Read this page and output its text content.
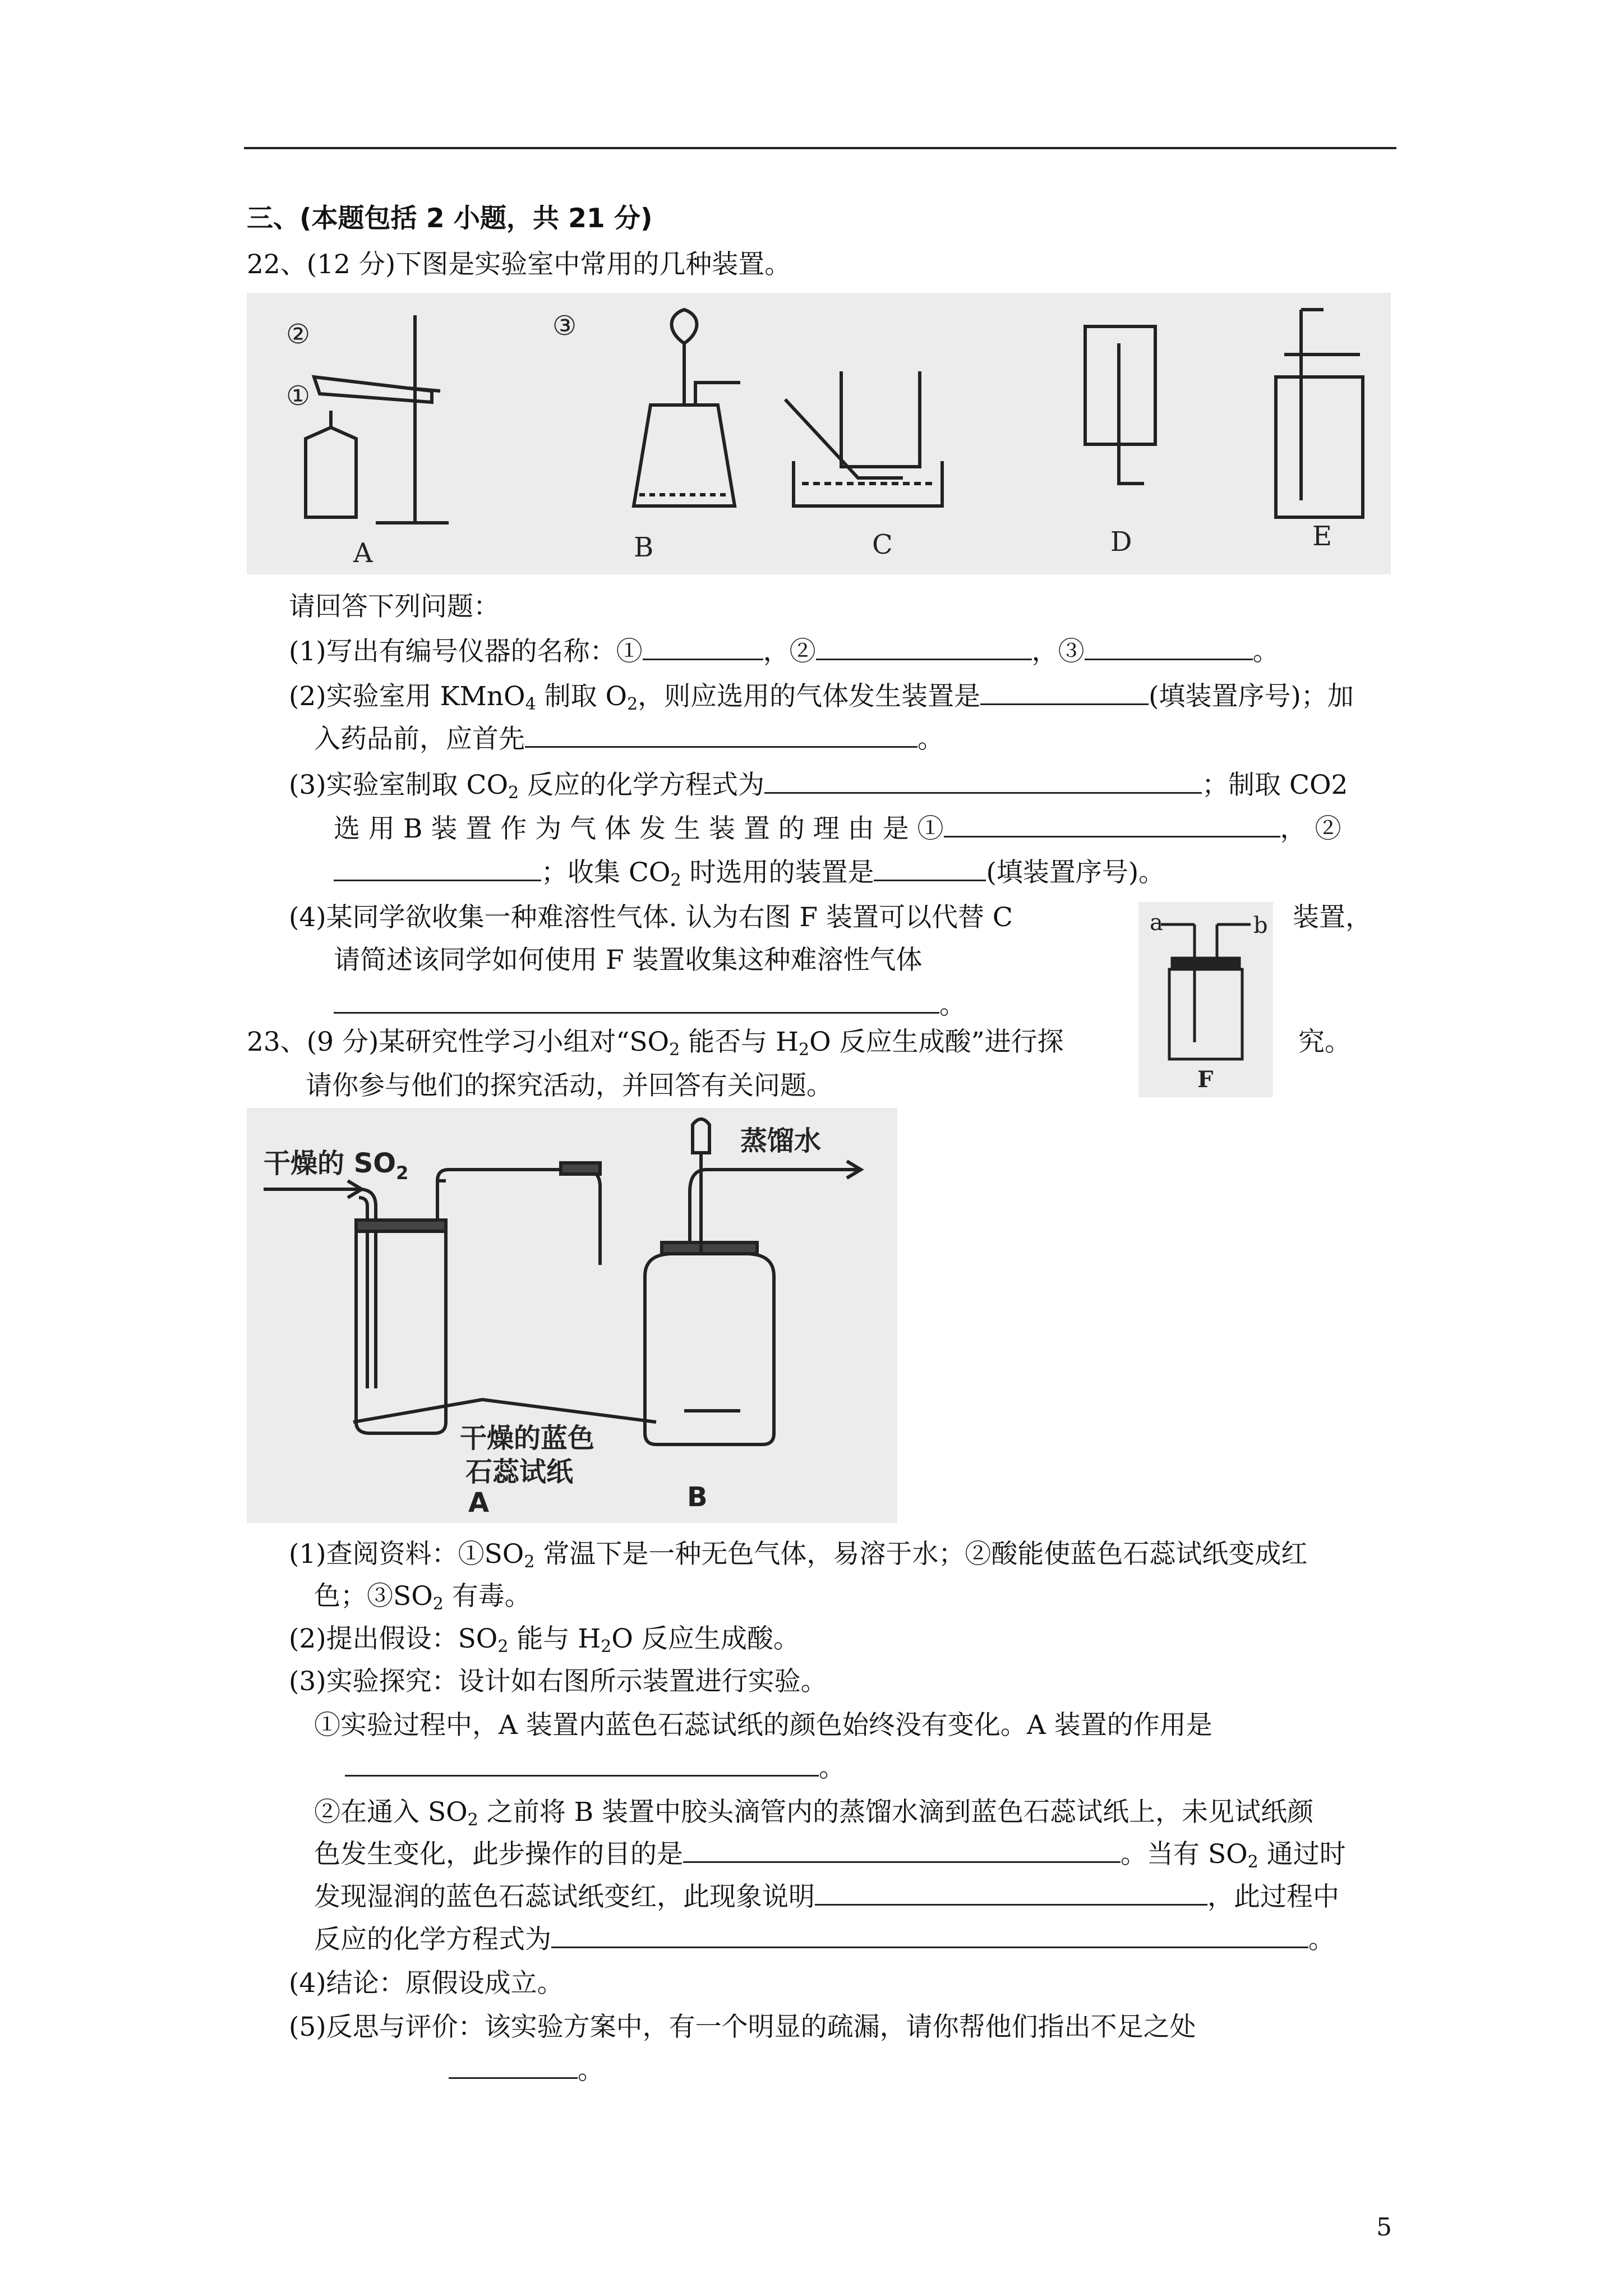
三、(本题包括 2 小题，共 21 分)
22、(12 分)下图是实验室中常用的几种装置。
①
②	③
A	B	C	D	E
请回答下列问题：
(1)写出有编号仪器的名称：①	，②	，③	。
(2)实验室用 KMnO$_4$ 制取 $O_2$，则应选用的气体发生装置是	(填装置序号)；加
入药品前，应首先	。
(3)实验室制取 $CO_2$ 反应的化学方程式为	；制取 CO2
选 用 B 装 置 作 为 气 体 发 生 装 置 的 理 由 是 ①	， ②
；收集 $CO_2$ 时选用的装置是	(填装置序号)。
(4)某同学欲收集一种难溶性气体. 认为右图 F 装置可以代替 C	装置，
请简述该同学如何使用 F 装置收集这种难溶性气体
。
a	b
F
23、(9 分)某研究性学习小组对“$SO_2$ 能否与 $H_2O$ 反应生成酸”进行探	究。
请你参与他们的探究活动，并回答有关问题。
干燥的 $SO_2$
蒸馏水
干燥的蓝色
石蕊试纸
A	B
(1)查阅资料：$①SO_2$ 常温下是一种无色气体，易溶于水；②酸能使蓝色石蕊试纸变成红
色；$③SO_2$ 有毒。
(2)提出假设：$SO_2$ 能与 $H_2O$ 反应生成酸。
(3)实验探究：设计如右图所示装置进行实验。
①实验过程中，A 装置内蓝色石蕊试纸的颜色始终没有变化。A 装置的作用是
。
②在通入 $SO_2$ 之前将 B 装置中胶头滴管内的蒸馏水滴到蓝色石蕊试纸上，未见试纸颜
色发生变化，此步操作的目的是	。当有 $SO_2$ 通过时
发现湿润的蓝色石蕊试纸变红，此现象说明	，此过程中
反应的化学方程式为	。
(4)结论：原假设成立。
(5)反思与评价：该实验方案中，有一个明显的疏漏，请你帮他们指出不足之处
。
5
